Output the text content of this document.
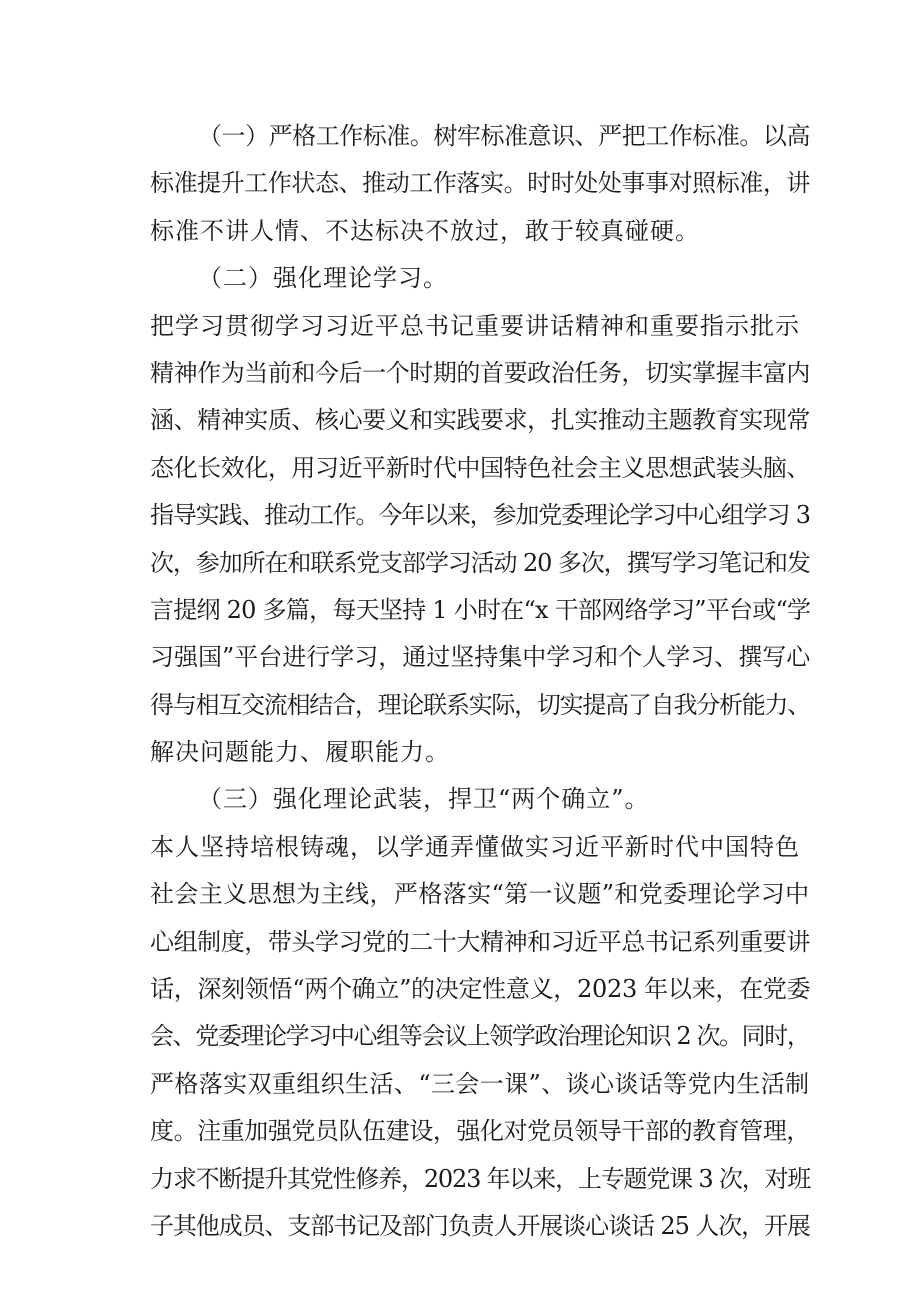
（一）严格工作标准。树牢标准意识、严把工作标准。以高
标准提升工作状态、推动工作落实。时时处处事事对照标准，讲
标准不讲人情、不达标决不放过，敢于较真碰硬。
（二）强化理论学习。
把学习贯彻学习习近平总书记重要讲话精神和重要指示批示
精神作为当前和今后一个时期的首要政治任务，切实掌握丰富内
涵、精神实质、核心要义和实践要求，扎实推动主题教育实现常
态化长效化，用习近平新时代中国特色社会主义思想武装头脑、
指导实践、推动工作。今年以来，参加党委理论学习中心组学习 3
次，参加所在和联系党支部学习活动 20 多次，撰写学习笔记和发
言提纲 20 多篇，每天坚持 1 小时在“x 干部网络学习”平台或“学
习强国”平台进行学习，通过坚持集中学习和个人学习、撰写心
得与相互交流相结合，理论联系实际，切实提高了自我分析能力、
解决问题能力、履职能力。
（三）强化理论武装，捍卫“两个确立”。
本人坚持培根铸魂，以学通弄懂做实习近平新时代中国特色
社会主义思想为主线，严格落实“第一议题”和党委理论学习中
心组制度，带头学习党的二十大精神和习近平总书记系列重要讲
话，深刻领悟“两个确立”的决定性意义，2023 年以来，在党委
会、党委理论学习中心组等会议上领学政治理论知识 2 次。同时，
严格落实双重组织生活、“三会一课”、谈心谈话等党内生活制
度。注重加强党员队伍建设，强化对党员领导干部的教育管理，
力求不断提升其党性修养，2023 年以来，上专题党课 3 次，对班
子其他成员、支部书记及部门负责人开展谈心谈话 25 人次，开展
